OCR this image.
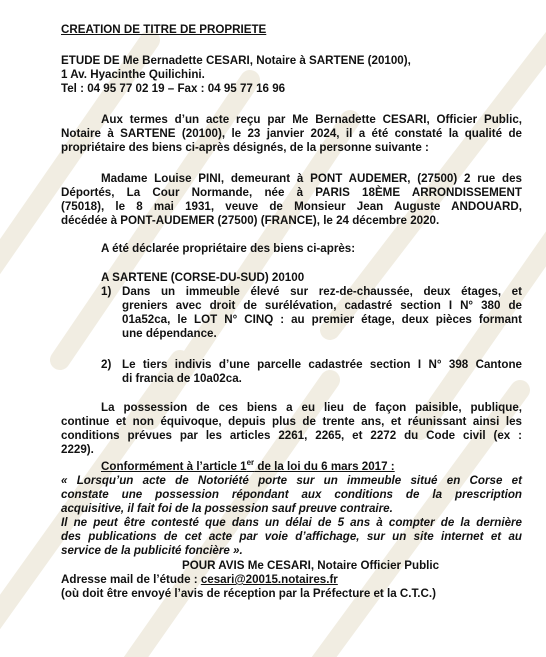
CREATION DE TITRE DE PROPRIETE
ETUDE DE Me Bernadette CESARI, Notaire à SARTENE (20100),
1 Av. Hyacinthe Quilichini.
Tel : 04 95 77 02 19 – Fax : 04 95 77 16 96
Aux termes d’un acte reçu par Me Bernadette CESARI, Officier Public,
Notaire à SARTENE (20100), le 23 janvier 2024, il a été constaté la qualité de
propriétaire des biens ci-après désignés, de la personne suivante :
Madame Louise PINI, demeurant à PONT AUDEMER, (27500) 2 rue des
Déportés, La Cour Normande, née à PARIS 18ÈME ARRONDISSEMENT
(75018), le 8 mai 1931, veuve de Monsieur Jean Auguste ANDOUARD,
décédée à PONT-AUDEMER (27500) (FRANCE), le 24 décembre 2020.
A été déclarée propriétaire des biens ci-après:
A SARTENE (CORSE-DU-SUD) 20100
1) Dans un immeuble élevé sur rez-de-chaussée, deux étages, et
greniers avec droit de surélévation, cadastré section I N° 380 de
01a52ca, le LOT N° CINQ : au premier étage, deux pièces formant
une dépendance.
2) Le tiers indivis d’une parcelle cadastrée section I N° 398 Cantone
di francia de 10a02ca.
La possession de ces biens a eu lieu de façon paisible, publique,
continue et non équivoque, depuis plus de trente ans, et réunissant ainsi les
conditions prévues par les articles 2261, 2265, et 2272 du Code civil (ex :
2229).
Conformément à l’article 1er de la loi du 6 mars 2017 :
« Lorsqu’un acte de Notoriété porte sur un immeuble situé en Corse et
constate une possession répondant aux conditions de la prescription
acquisitive, il fait foi de la possession sauf preuve contraire.
Il ne peut être contesté que dans un délai de 5 ans à compter de la dernière
des publications de cet acte par voie d’affichage, sur un site internet et au
service de la publicité foncière ».
POUR AVIS Me CESARI, Notaire Officier Public
Adresse mail de l’étude : cesari@20015.notaires.fr
(où doit être envoyé l’avis de réception par la Préfecture et la C.T.C.)
